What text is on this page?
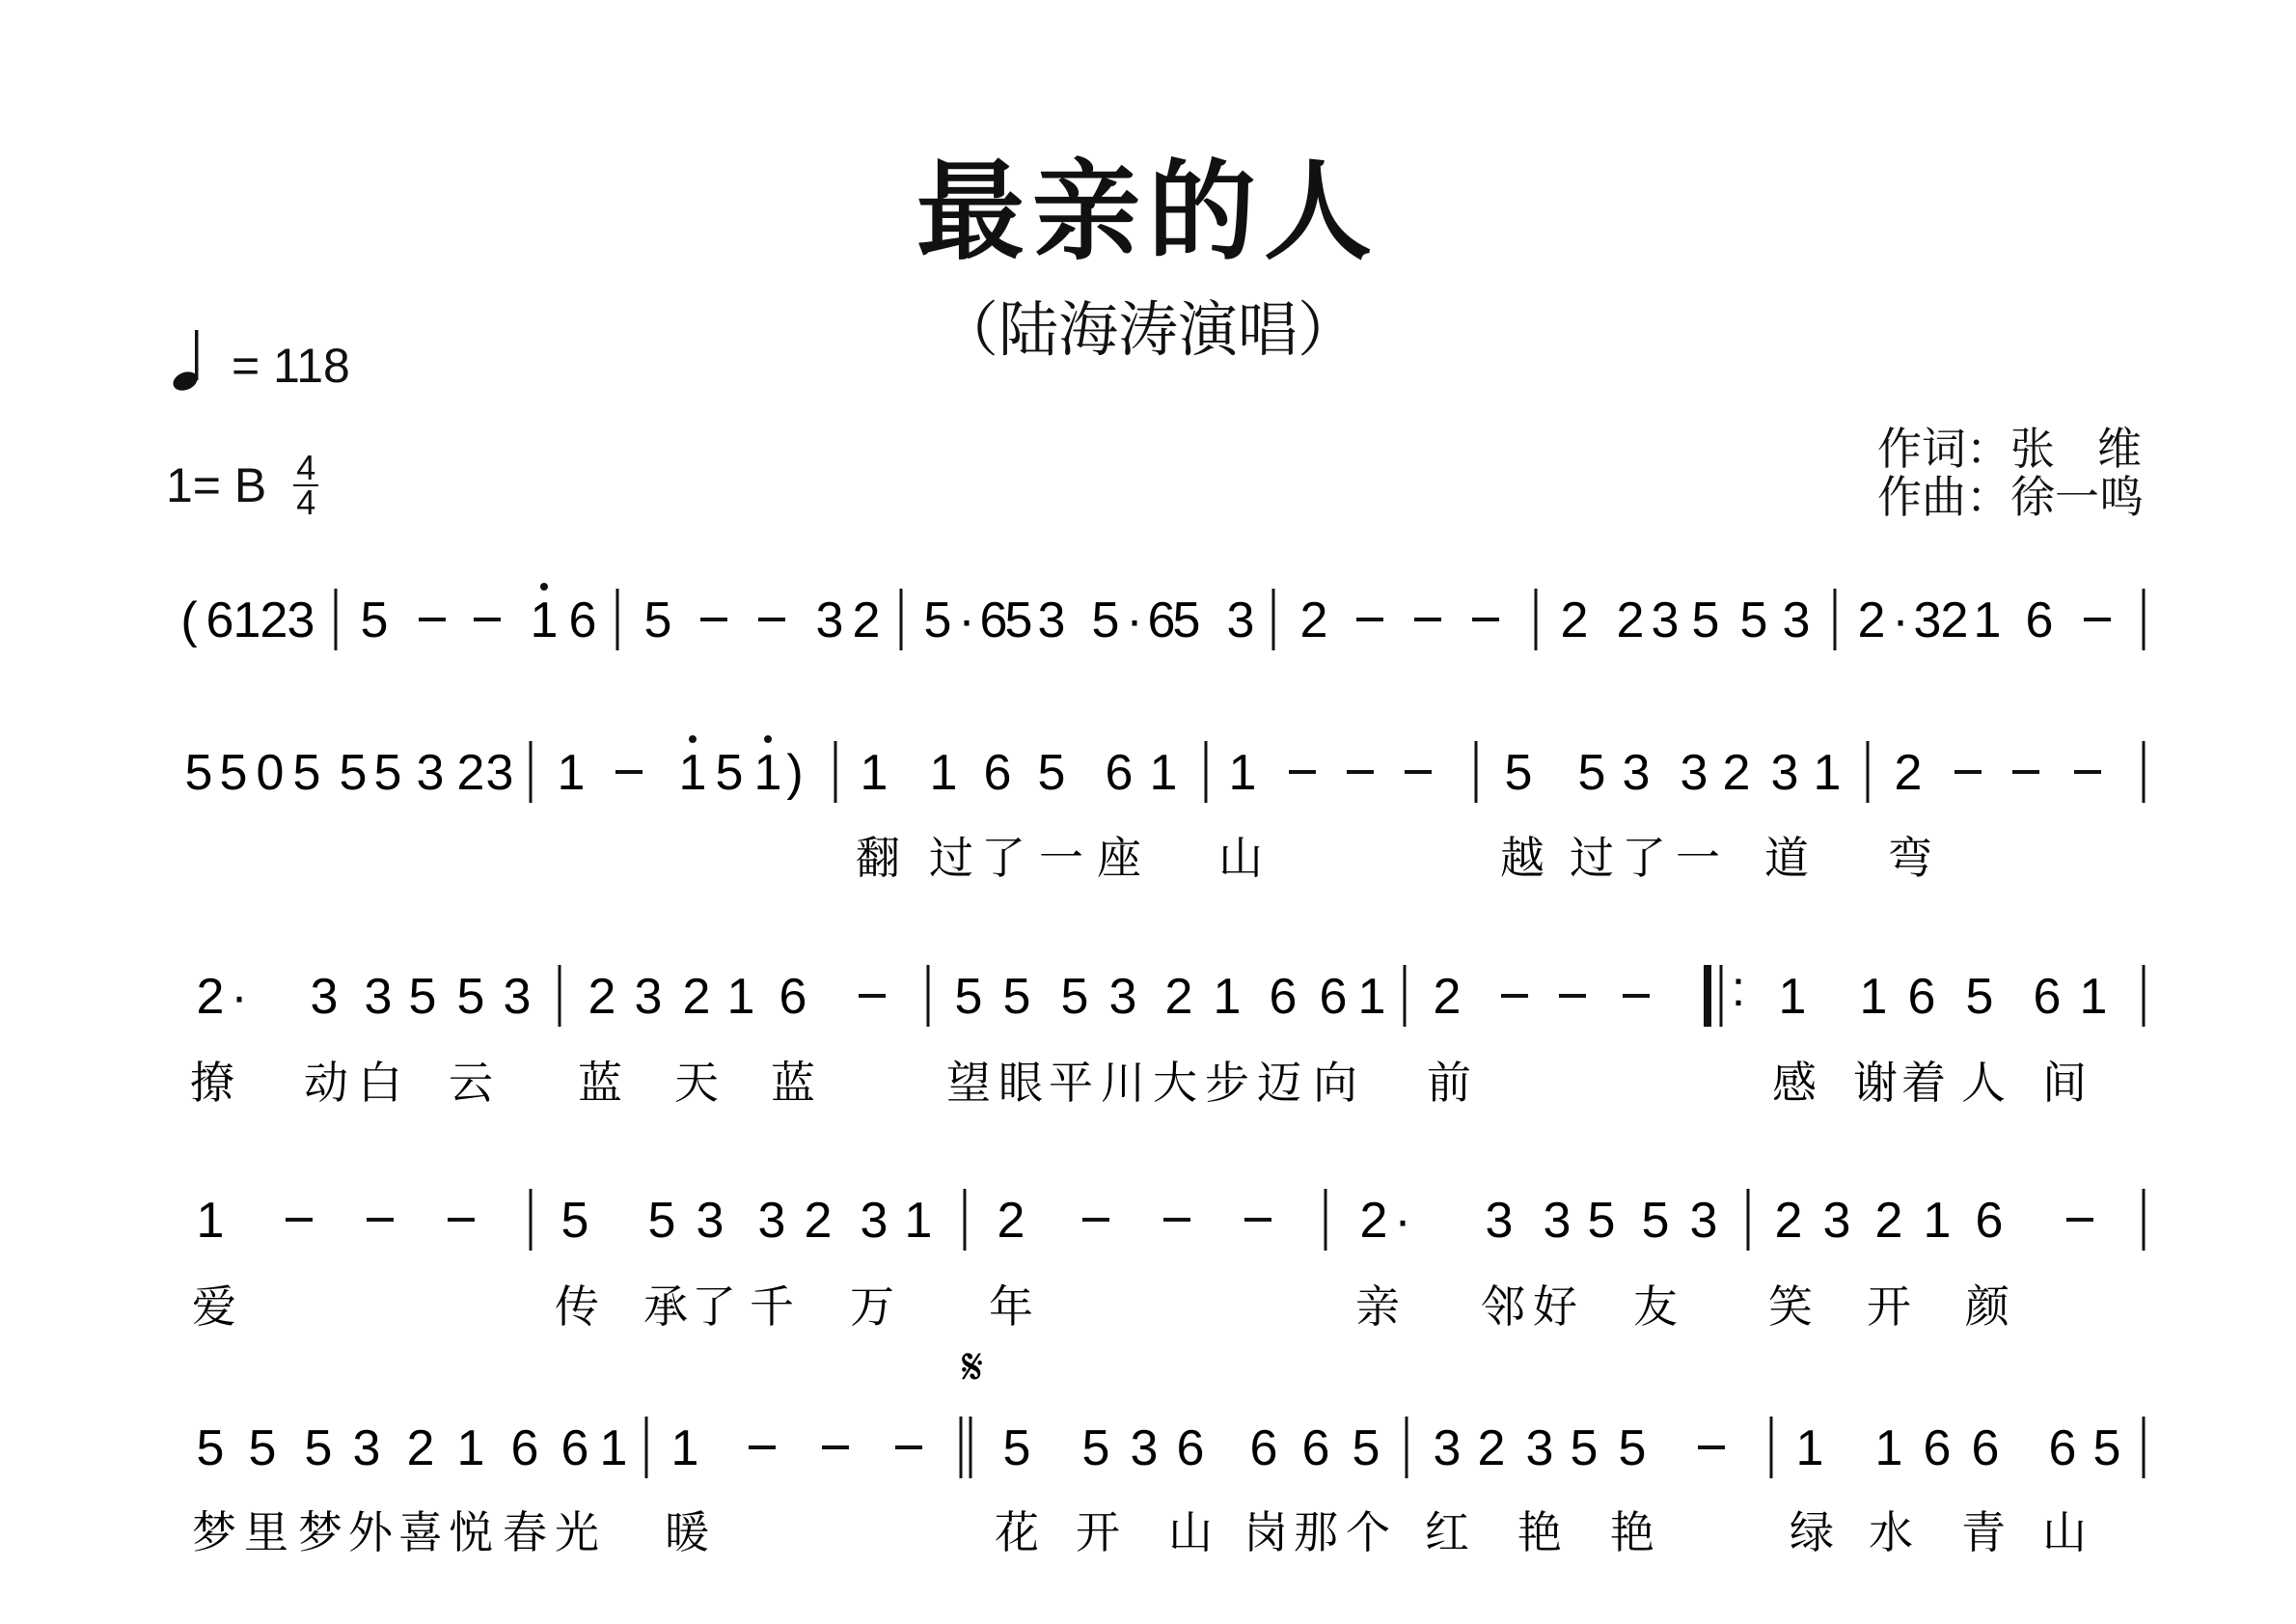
最亲的人
（陆海涛演唱）
= 118
1= B 4
4
作词：张   维
作曲：徐一鸣
( 6 1 2 3 5	1 6 5	3 2 5 · 6
5 3 5 · 6
5 3 2	2 2 3 5 5 3 2 · 3 2 1 6
5 5 0 5 5 5 3 2 3 1 1 5 1 ) 1 1 6 5 6 1 1	5 5 3 3 2 3 1 2
2 · 3 3 5 5 3 2 3 2 1 6	5 5 5 3 2 1 6 6 1 2	: 1 1 6 5 6 1
1	5 5 3 3 2 3 1 2	2 · 3 3 5 5 3 2 3 2 1 6
5 5 5 3 2 1 6 6 1 1	5 5 3 6 6 6 5 3 2 3 5 5	1 1 6 6 6 5
翻 过 了 一 座 山	越 过 了 一 道 弯
撩 动 白 云 蓝 天 蓝	望 眼 平 川 大 步 迈 向 前	感 谢 着 人 间
爱	传 承 了 千 万 年	亲 邻 好 友 笑 开 颜
梦 里 梦 外 喜 悦 春 光 暖	花 开 山 岗 那 个 红 艳 艳	绿 水 青 山
𝄋
